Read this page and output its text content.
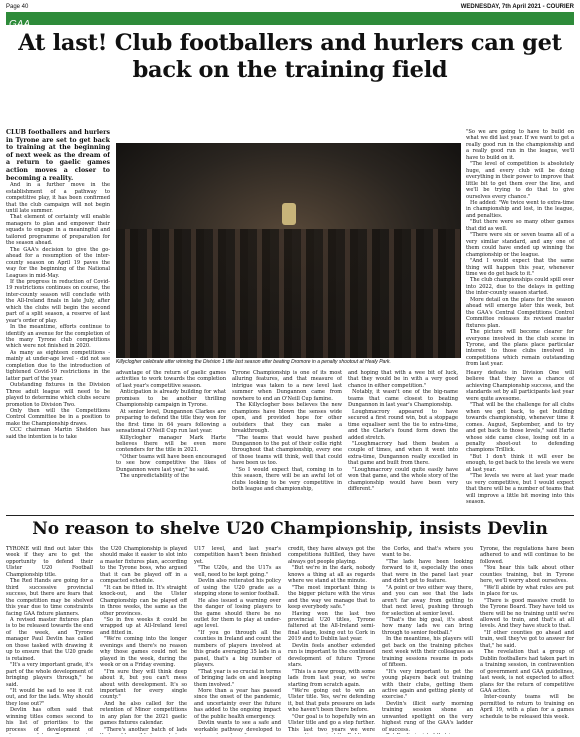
Page 40	WEDNESDAY, 7th April 2021 - COURIER
GAA
At last! Club footballers and hurlers can get back on the training field

CLUB footballers and hurlers in Tyrone are set to get back to training at the beginning of next week as the dream of a return to gaelic games action moves a closer to becoming a reality.

And in a further move in the establishment of a pathway to competitive play, it has been confirmed that the club campaign will not begin until late summer.

That element of certainty will enable managers to plan and empower their squads to engage in a meaningful and tailored programme of preparation for the season ahead.

The GAA's decision to give the go-ahead for a resumption of the inter-county season on April 19 paves the way for the beginning of the National Leagues in mid-May.

If the progress in reduction of Covid-19 restrictions continues on course, the inter-county season will conclude with the All-Ireland finals in late July, after which the clubs will begin the second part of a split season, a reserve of last year's order of play.

In the meantime, efforts continue to identify an avenue for the completion of the many Tyrone club competitions which were not finished in 2020.

As many as eighteen competitions - mainly at under-age level - did not see completion due to the introduction of tightened Covid-19 restrictions in the latter part of the year.

Outstanding fixtures in the Division Three adult league will need to be played to determine which clubs secure promotion to Division Two.

Only then will the Competitions Control Committee be in a position to make the Championship draws.

CCC chairman Martin Sheldon has said the intention is to take

Killyclogher celebrate after winning the Division 1 title last season after beating Dromore in a penalty shootout at Healy Park.

advantage of the return of gaelic games activities to work towards the completion of last year's competitive season.

Anticipation is already building for what promises to be another thrilling Championship campaign in Tyrone.

At senior level, Dungannon Clarkes are preparing to defend the title they won for the first time in 64 years following a sensational O'Neill Cup run last year.

Killyclogher manager Mark Harte believes there will be even more contenders for the title in 2021.

"Other teams will have been encouraged to see how competitive the likes of Dungannon were last year," he said.

The unpredictability of the

Tyrone Championship is one of its most alluring features, and that measure of intrigue was taken to a new level last summer when Dungannon came from nowhere to end an O'Neill Cup famine.

The Killyclogher boss believes the new champions have blown the senses wide open, and provided hope for other outsiders that they can make a breakthrough.

"The teams that would have pushed Dungannon to the put of their collie right throughout that championship, every one of those teams will think, well that could have been us too.

"So I would expect that, coming in to this season, there will be an awful lot of clubs looking to be very competitive in both league and championship,

and hoping that with a wee bit of luck, that they would be in with a very good chance in either competition."

Notably, it wasn't one of the big-name teams that came closest to beating Dungannon in last year's Championship.

Loughmacrory appeared to have secured a first round win, but a stoppage time equaliser sent the tie to extra-time, and the Clarke's found form down the added stretch.

"Loughmacrory had them beaten a couple of times, and when it went into extra-time, Dungannon really excelled in that game and built from there.

"Loughmacrory could quite easily have won that game, and the whole story of the championship would have been very different."

Heavy defeats in Division One will believe that they have a chance of achieving Championship success, and the standards set by all participants last year were quite awesome.

"That will be the challenge for all clubs when we get back, to get building towards championship, whenever time it comes. August, September, and to try and get back to those levels," said Harte whose side came close, losing out in a penalty shoot-out to defending champions Trillick.

"But I don't think it will ever be enough, to get back to the levels we were at last year.

"The levels we were at last year made us very competitive, but I would expect that there will be a number of teams that will improve a little bit moving into this season.

"So we are going to have to build on what we did last year. If we want to get a really good run in the championship and a really good run in the league, we'll have to build on it.

"The level of competition is absolutely huge, and every club will be doing everything in their power to improve that little bit to get them over the line, and we'll be trying to do that to give ourselves every chance."

He added: "We twice went to extra-time in championship and lost, in the league, and penalties.

"But there were so many other games that did as well.

"There were six or seven teams all of a very similar standard, and any one of them could have ended up winning the championship or the league.

"And I would expect that the same thing will happen this year, whenever time we do get back to it."

The club championships could spill over into 2022, due to the delays in getting the inter-county season started.

More detail on the plans for the season ahead will emerge later this week, but the GAA's Central Competitions Control Committee releases its revised master fixtures plan.

The picture will become clearer for everyone involved in the club scene in Tyrone, and the plans place particular interest to those clubs involved in competitions which remain outstanding from last year.

No reason to shelve U20 Championship, insists Devlin

TYRONE will find out later this week if they are to get the opportunity to defend their Ulster U20 Football Championship title.

The Red Hands are going for a third successive provincial success, but there are fears that the competition may be shelved this year due to time constraints facing GAA fixture planners.

A revised master fixtures plan is to be released towards the end of the week, and Tyrone manager Paul Devlin has called on those tasked with drawing it up to ensure that the U20 grade is retained.

"It's a very important grade, it's part of the whole development of bringing players through," he said.

"It would be sad to see it cut out, and for the lads. Why should they lose out?"

Devlin has often said that winning titles comes second to his list of priorities to the process of development of

the U20 Championship is played should make it easier to slot into a master fixtures plan, according to the Tyrone boss, who argued that it can be played off in a compacted schedule.

"It can be fitted in. It's straight knock-out, and the Ulster Championship can be played off in three weeks, the same as the other provinces.

"So in five weeks it could be wrapped up at All-Ireland level and fitted in.

"We're coming into the longer evenings and there's no reason why those games could not be played in the week, during the week or on a Friday evening.

"I'm sure they will think deep about it, but you can't mess about with development. It's so important for every single county."

And he also called for the retention of Minor competitions in any plan for the 2021 gaelic games fixtures calendar.

"There's another batch of lads

U17 level, and last year's competition hasn't been finished yet.

"The U20s, and the U17s as well, need to be kept going."

Devlin also reiterated his policy of using the U20 grade as a stepping stone to senior football.

He also issued a warning over the danger of losing players to the game should there be no outlet for them to play at under-age level.

"If you go through all the counties in Ireland and count the numbers of players involved at this grade averaging 35 lads in a panel, that's a big number of players.

"That year is so crucial in terms of bringing lads on and keeping them involved."

More than a year has passed since the onset of the pandemic, and uncertainty over the future has added to the ongoing impact of the public health emergency.

Devlin wants to see a safe and workable pathway developed to

credit, they have always got the competitions fulfilled, they have always got people playing.

"But we're in the dark, nobody knows a thing at all as regards where we stand at the minute.

"The most important thing is the bigger picture with the virus and the way we manage that to keep everybody safe."

Having won the last two provincial U20 titles, Tyrone faltered at the All-Ireland semi-final stage, losing out to Cork in 2019 and to Dublin last year.

Devlin feels another extended run is important to the continued development of future Tyrone stars.

"This is a new group, with some lads from last year, so we're starting from scratch again.

"We're going out to win an Ulster title. Yes, we're defending it, but that puts pressure on lads who haven't been there before.

"Our goal is to hopefully win an Ulster title and go a step further. This last two years we were

the Corks, and that's where you want to be.

"The lads have been looking forward to it, especially the ones that were in the panel last year and didn't get to feature.

"A point or two either way there, and you can see that the lads aren't far away from getting to that next level, pushing through for selection at senior level.

"That's the big goal, it's about how many lads we can bring through to senior football."

In the meantime, his players will get back on the training pitches next week with their colleagues as training sessions resume in pods of fifteen.

"It's very important to get the young players back out training with their clubs, getting them active again and getting plenty of exercise."

Devlin's illicit early morning training session shone an unwanted spotlight on the very highest rung of the GAA's ladder of success.

Tyrone, the regulations have been adhered to and will continue to be followed.

"You hear this talk about other counties training, but in Tyrone here, we'll worry about ourselves.

"We'll abide by what rules are put in place for us.

"There is good massive credit to the Tyrone Board. They have told us there will be no training until we're allowed to train, and that's at all levels. And they have stuck to that.

"If other counties go ahead and train, well they've got to answer for that," he said.

The revelation that a group of Dublin footballers had taken part in a training session, in contravention of government and GAA guidelines, last week, is not expected to affect plans for the return of competitive GAA action.

Inter-county teams will be permitted to return to training on April 19, with a plan for a games schedule to be released this week.
